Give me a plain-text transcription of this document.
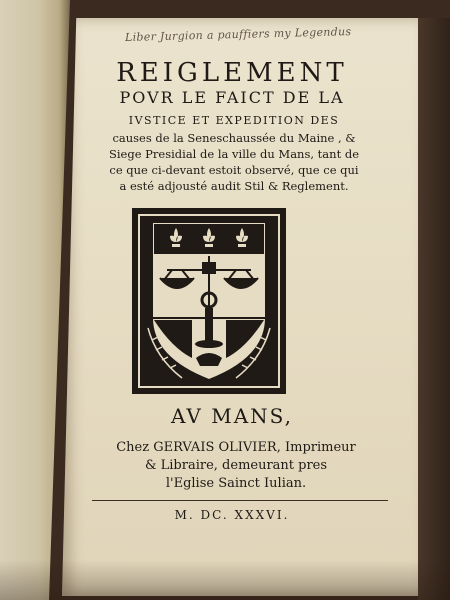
Liber Jurgion a pauffiers my Legendus
REIGLEMENT
POVR LE FAICT DE LA
IVSTICE ET EXPEDITION DES
causes de la Seneschaussée du Maine , &
Siege Presidial de la ville du Mans, tant de
ce que ci-devant estoit observé, que ce qui
a esté adjousté audit Stil & Reglement.
AV MANS,
Chez GERVAIS OLIVIER, Imprimeur
& Libraire, demeurant pres
l'Eglise Sainct Iulian.
M. DC. XXXVI.
